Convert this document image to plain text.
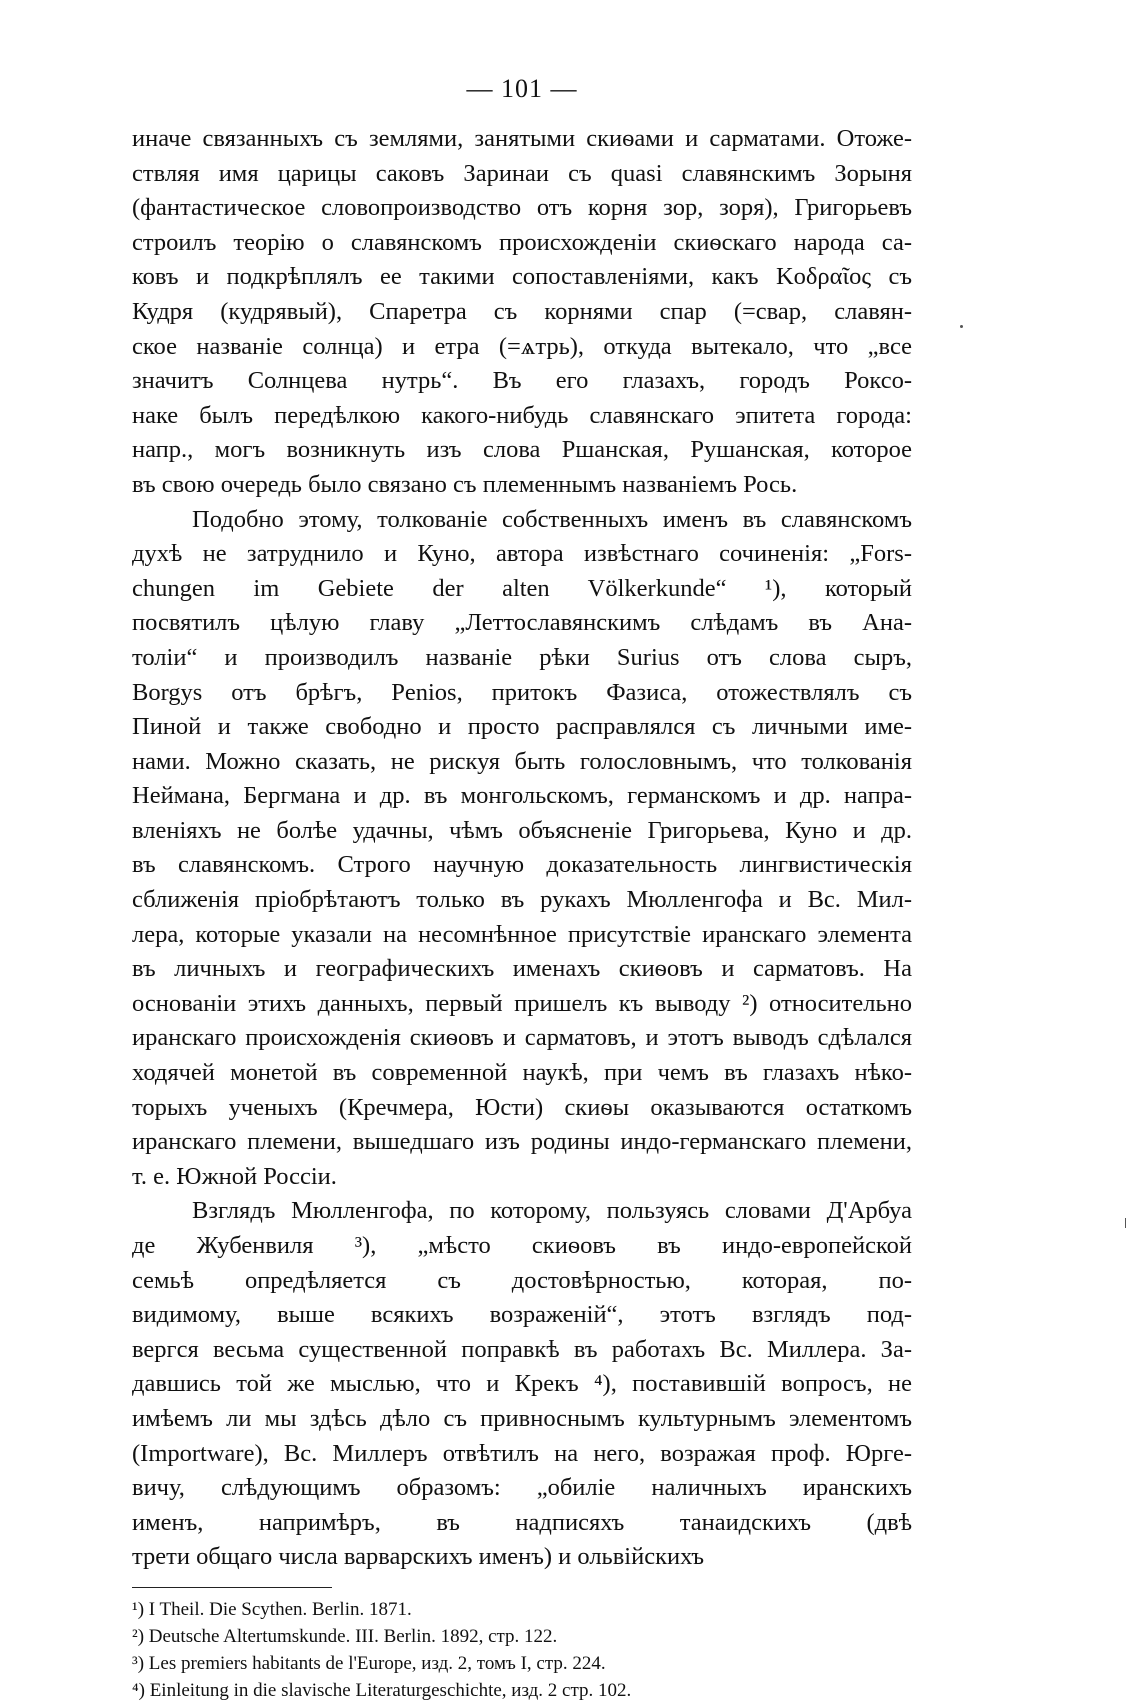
— 101 —
иначе связанныхъ съ землями, занятыми скиѳами и сарматами. Отоже-
ствляя имя царицы саковъ Заринаи съ quasi славянскимъ Зорыня
(фантастическое словопроизводство отъ корня зор, зоря), Григорьевъ
строилъ теорію о славянскомъ происхожденіи скиѳскаго народа са-
ковъ и подкрѣплялъ ее такими сопоставленіями, какъ Κοδραῖος съ
Кудря (кудрявый), Спаретра съ корнями спар (=свар, славян-
ское названіе солнца) и етра (=ѧтрь), откуда вытекало, что „все
значитъ Солнцева нутрь“. Въ его глазахъ, городъ Роксо-
наке былъ передѣлкою какого-нибудь славянскаго эпитета города:
напр., могъ возникнуть изъ слова Ршанская, Рушанская, которое
въ свою очередь было связано съ племеннымъ названіемъ Рось.
Подобно этому, толкованіе собственныхъ именъ въ славянскомъ
духѣ не затруднило и Куно, автора извѣстнаго сочиненія: „Fors-
chungen im Gebiete der alten Völkerkunde“ ¹), который
посвятилъ цѣлую главу „Леттославянскимъ слѣдамъ въ Ана-
толіи“ и производилъ названіе рѣки Surius отъ слова сыръ,
Borgys отъ брѣгъ, Penios, притокъ Фазиса, отожествлялъ съ
Пиной и также свободно и просто расправлялся съ личными име-
нами. Можно сказать, не рискуя быть голословнымъ, что толкованія
Неймана, Бергмана и др. въ монгольскомъ, германскомъ и др. напра-
вленіяхъ не болѣе удачны, чѣмъ объясненіе Григорьева, Куно и др.
въ славянскомъ. Строго научную доказательность лингвистическія
сближенія пріобрѣтаютъ только въ рукахъ Мюлленгофа и Вс. Мил-
лера, которые указали на несомнѣнное присутствіе иранскаго элемента
въ личныхъ и географическихъ именахъ скиѳовъ и сарматовъ. На
основаніи этихъ данныхъ, первый пришелъ къ выводу ²) относительно
иранскаго происхожденія скиѳовъ и сарматовъ, и этотъ выводъ сдѣлался
ходячей монетой въ современной наукѣ, при чемъ въ глазахъ нѣко-
торыхъ ученыхъ (Кречмера, Юсти) скиѳы оказываются остаткомъ
иранскаго племени, вышедшаго изъ родины индо-германскаго племени,
т. е. Южной Россіи.
Взглядъ Мюлленгофа, по которому, пользуясь словами Д'Арбуа
де Жубенвиля ³), „мѣсто скиѳовъ въ индо-европейской
семьѣ опредѣляется съ достовѣрностью, которая, по-
видимому, выше всякихъ возраженій“, этотъ взглядъ под-
вергся весьма существенной поправкѣ въ работахъ Вс. Миллера. За-
давшись той же мыслью, что и Крекъ ⁴), поставившій вопросъ, не
имѣемъ ли мы здѣсь дѣло съ привноснымъ культурнымъ элементомъ
(Importware), Вс. Миллеръ отвѣтилъ на него, возражая проф. Юрге-
вичу, слѣдующимъ образомъ: „обиліе наличныхъ иранскихъ
именъ, напримѣръ, въ надписяхъ танаидскихъ (двѣ
трети общаго числа варварскихъ именъ) и ольвійскихъ
¹) I Theil. Die Scythen. Berlin. 1871.
²) Deutsche Altertumskunde. III. Berlin. 1892, стр. 122.
³) Les premiers habitants de l'Europe, изд. 2, томъ I, стр. 224.
⁴) Einleitung in die slavische Literaturgeschichte, изд. 2 стр. 102.
